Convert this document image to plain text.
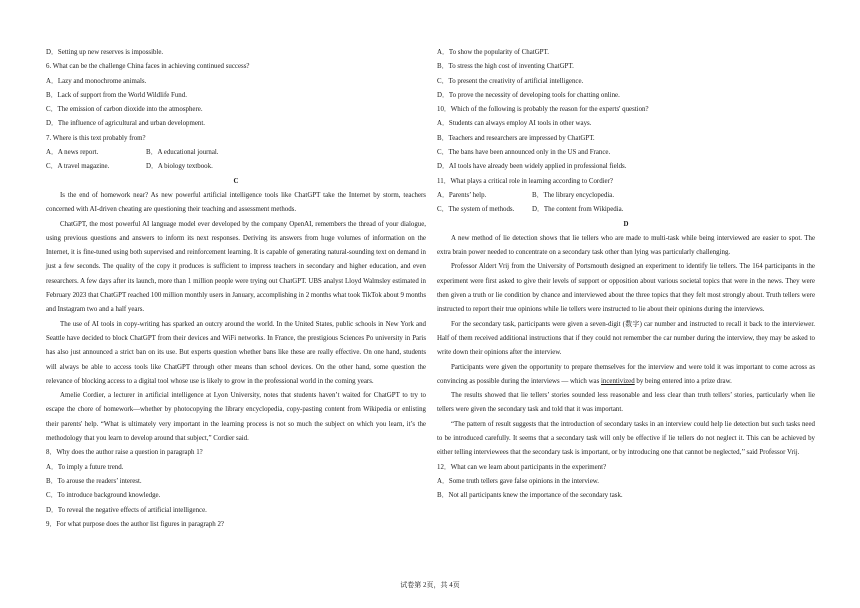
D．Setting up new reserves is impossible.
6. What can be the challenge China faces in achieving continued success?
A．Lazy and monochrome animals.
B．Lack of support from the World Wildlife Fund.
C．The emission of carbon dioxide into the atmosphere.
D．The influence of agricultural and urban development.
7. Where is this text probably from?
A．A news report.	B．A educational journal.
C．A travel magazine.	D．A biology textbook.
C
Is the end of homework near? As new powerful artificial intelligence tools like ChatGPT take the Internet by storm, teachers concerned with AI-driven cheating are questioning their teaching and assessment methods.
ChatGPT, the most powerful AI language model ever developed by the company OpenAI, remembers the thread of your dialogue, using previous questions and answers to inform its next responses. Deriving its answers from huge volumes of information on the Internet, it is fine-tuned using both supervised and reinforcement learning. It is capable of generating natural-sounding text on demand in just a few seconds. The quality of the copy it produces is sufficient to impress teachers in secondary and higher education, and even researchers. A few days after its launch, more than 1 million people were trying out ChatGPT. UBS analyst Lloyd Walmsley estimated in February 2023 that ChatGPT reached 100 million monthly users in January, accomplishing in 2 months what took TikTok about 9 months and Instagram two and a half years.
The use of AI tools in copy-writing has sparked an outcry around the world. In the United States, public schools in New York and Seattle have decided to block ChatGPT from their devices and WiFi networks. In France, the prestigious Sciences Po university in Paris has also just announced a strict ban on its use. But experts question whether bans like these are really effective. On one hand, students will always be able to access tools like ChatGPT through other means than school devices. On the other hand, some question the relevance of blocking access to a digital tool whose use is likely to grow in the professional world in the coming years.
Amelie Cordier, a lecturer in artificial intelligence at Lyon University, notes that students haven’t waited for ChatGPT to try to escape the chore of homework—whether by photocopying the library encyclopedia, copy-pasting content from Wikipedia or enlisting their parents' help. “What is ultimately very important in the learning process is not so much the subject on which you learn, it’s the methodology that you learn to develop around that subject,” Cordier said.
8．Why does the author raise a question in paragraph 1?
A．To imply a future trend.
B．To arouse the readers’ interest.
C．To introduce background knowledge.
D．To reveal the negative effects of artificial intelligence.
9．For what purpose does the author list figures in paragraph 2?
A．To show the popularity of ChatGPT.
B．To stress the high cost of inventing ChatGPT.
C．To present the creativity of artificial intelligence.
D．To prove the necessity of developing tools for chatting online.
10．Which of the following is probably the reason for the experts' question?
A．Students can always employ AI tools in other ways.
B．Teachers and researchers are impressed by ChatGPT.
C．The bans have been announced only in the US and France.
D．AI tools have already been widely applied in professional fields.
11．What plays a critical role in learning according to Cordier?
A．Parents’ help.	B．The library encyclopedia.
C．The system of methods.	D．The content from Wikipedia.
D
A new method of lie detection shows that lie tellers who are made to multi-task while being interviewed are easier to spot. The extra brain power needed to concentrate on a secondary task other than lying was particularly challenging.
Professor Aldert Vrij from the University of Portsmouth designed an experiment to identify lie tellers. The 164 participants in the experiment were first asked to give their levels of support or opposition about various societal topics that were in the news. They were then given a truth or lie condition by chance and interviewed about the three topics that they felt most strongly about. Truth tellers were instructed to report their true opinions while lie tellers were instructed to lie about their opinions during the interviews.
For the secondary task, participants were given a seven-digit (数字) car number and instructed to recall it back to the interviewer. Half of them received additional instructions that if they could not remember the car number during the interview, they may be asked to write down their opinions after the interview.
Participants were given the opportunity to prepare themselves for the interview and were told it was important to come across as convincing as possible during the interviews — which was incentivized by being entered into a prize draw.
The results showed that lie tellers’ stories sounded less reasonable and less clear than truth tellers’ stories, particularly when lie tellers were given the secondary task and told that it was important.
“The pattern of result suggests that the introduction of secondary tasks in an interview could help lie detection but such tasks need to be introduced carefully. It seems that a secondary task will only be effective if lie tellers do not neglect it. This can be achieved by either telling interviewees that the secondary task is important, or by introducing one that cannot be neglected,’’ said Professor Vrij.
12．What can we learn about participants in the experiment?
A．Some truth tellers gave false opinions in the interview.
B．Not all participants knew the importance of the secondary task.
试卷第 2页，共 4页
